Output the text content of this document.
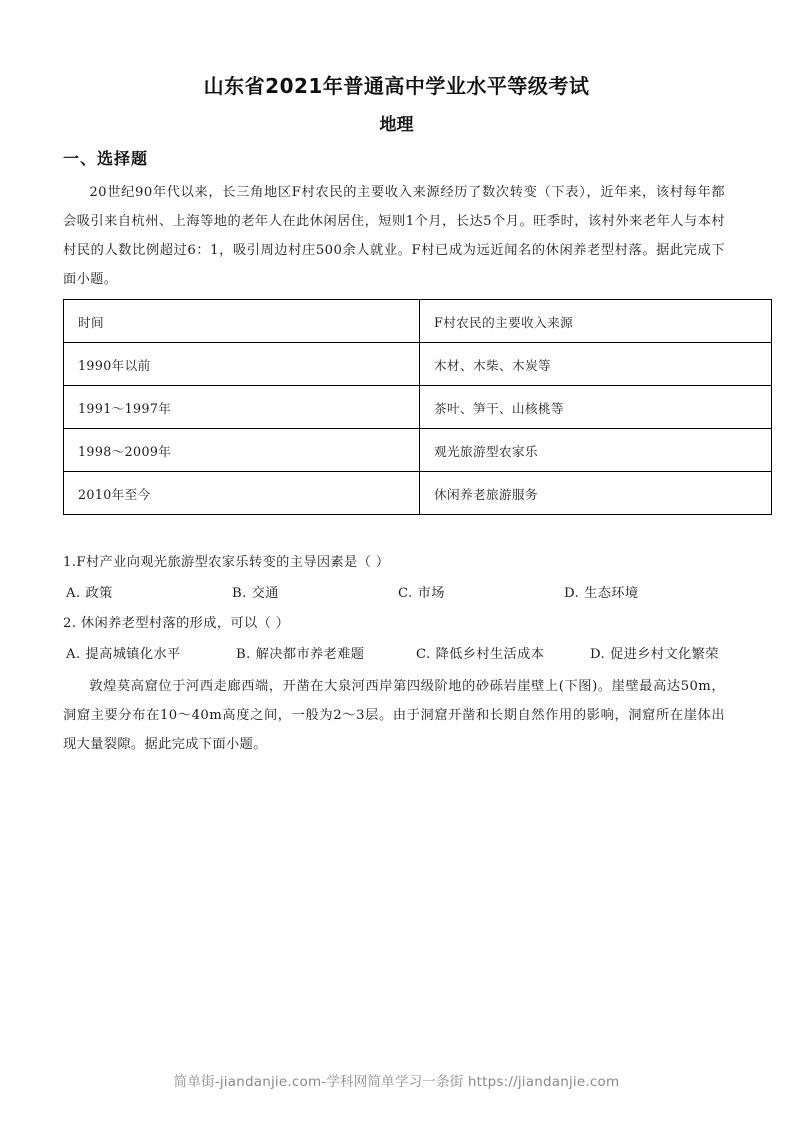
山东省2021年普通高中学业水平等级考试
地理
一、选择题
20世纪90年代以来，长三角地区F村农民的主要收入来源经历了数次转变（下表），近年来，该村每年都会吸引来自杭州、上海等地的老年人在此休闲居住，短则1个月，长达5个月。旺季时，该村外来老年人与本村村民的人数比例超过6：1，吸引周边村庄500余人就业。F村已成为远近闻名的休闲养老型村落。据此完成下面小题。
时间	F村农民的主要收入来源
1990年以前	木材、木柴、木炭等
1991～1997年	茶叶、笋干、山核桃等
1998～2009年	观光旅游型农家乐
2010年至今	休闲养老旅游服务
1.F村产业向观光旅游型农家乐转变的主导因素是（ ）
A. 政策	B. 交通	C. 市场	D. 生态环境
2. 休闲养老型村落的形成，可以（ ）
A. 提高城镇化水平	B. 解决都市养老难题	C. 降低乡村生活成本	D. 促进乡村文化繁荣
敦煌莫高窟位于河西走廊西端，开凿在大泉河西岸第四级阶地的砂砾岩崖壁上(下图)。崖壁最高达50m，洞窟主要分布在10～40m高度之间，一般为2～3层。由于洞窟开凿和长期自然作用的影响，洞窟所在崖体出现大量裂隙。据此完成下面小题。
简单街-jiandanjie.com-学科网简单学习一条街 https://jiandanjie.com
